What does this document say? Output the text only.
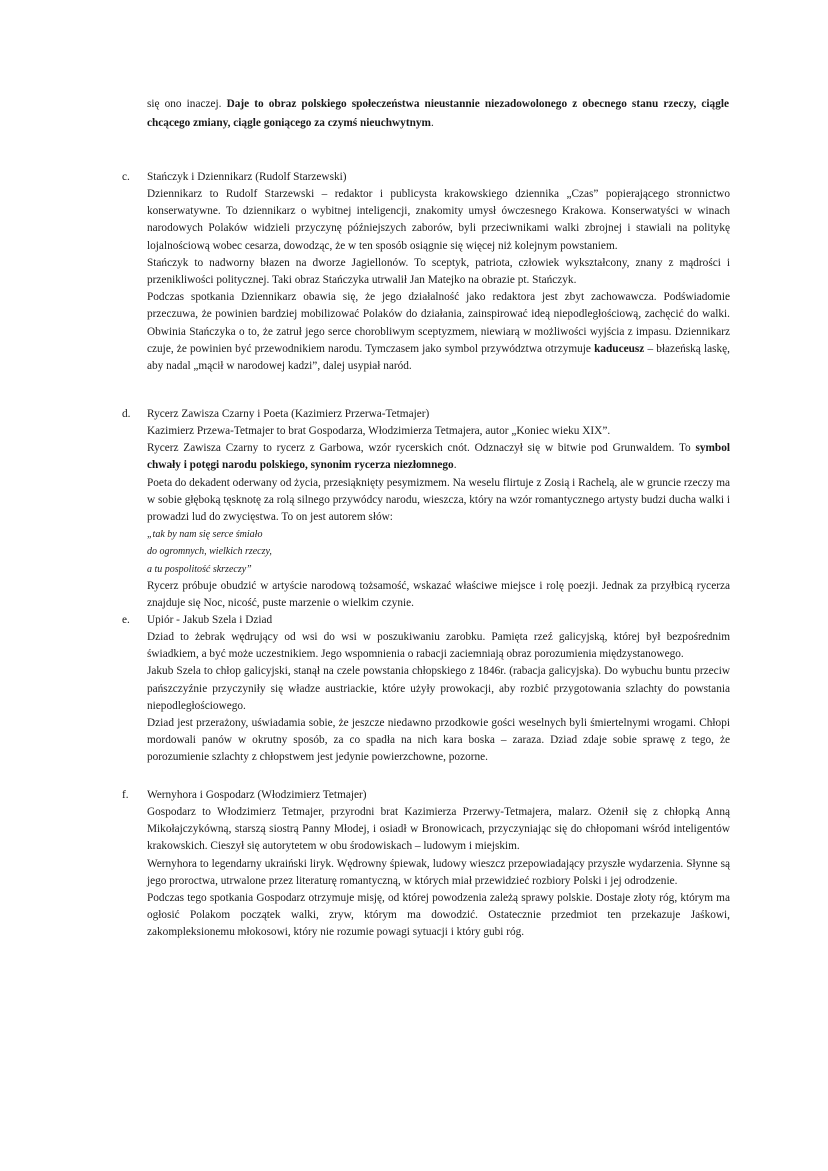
się ono inaczej. Daje to obraz polskiego społeczeństwa nieustannie niezadowolonego z obecnego stanu rzeczy, ciągle chcącego zmiany, ciągle goniącego za czymś nieuchwytnym.
c.	Stańczyk i Dziennikarz (Rudolf Starzewski)

Dziennikarz to Rudolf Starzewski – redaktor i publicysta krakowskiego dziennika „Czas” popierającego stronnictwo konserwatywne. To dziennikarz o wybitnej inteligencji, znakomity umysł ówczesnego Krakowa. Konserwatyści w winach narodowych Polaków widzieli przyczynę późniejszych zaborów, byli przeciwnikami walki zbrojnej i stawiali na politykę lojalnościową wobec cesarza, dowodząc, że w ten sposób osiągnie się więcej niż kolejnym powstaniem.

Stańczyk to nadworny błazen na dworze Jagiellonów. To sceptyk, patriota, człowiek wykształcony, znany z mądrości i przenikliwości politycznej. Taki obraz Stańczyka utrwalił Jan Matejko na obrazie pt. Stańczyk.

Podczas spotkania Dziennikarz obawia się, że jego działalność jako redaktora jest zbyt zachowawcza. Podświadomie przeczuwa, że powinien bardziej mobilizować Polaków do działania, zainspirować ideą niepodległościową, zachęcić do walki. Obwinia Stańczyka o to, że zatruł jego serce chorobliwym sceptyzmem, niewiarą w możliwości wyjścia z impasu. Dziennikarz czuje, że powinien być przewodnikiem narodu. Tymczasem jako symbol przywództwa otrzymuje kaduceusz – błazeńską laskę, aby nadal „mącił w narodowej kadzi”, dalej usypiał naród.

d.	Rycerz Zawisza Czarny i Poeta (Kazimierz Przerwa-Tetmajer)

Kazimierz Przewa-Tetmajer to brat Gospodarza, Włodzimierza Tetmajera, autor „Koniec wieku XIX”.

Rycerz Zawisza Czarny to rycerz z Garbowa, wzór rycerskich cnót. Odznaczył się w bitwie pod Grunwaldem. To symbol chwały i potęgi narodu polskiego, synonim rycerza niezłomnego.

Poeta do dekadent oderwany od życia, przesiąknięty pesymizmem. Na weselu flirtuje z Zosią i Rachelą, ale w gruncie rzeczy ma w sobie głęboką tęsknotę za rolą silnego przywódcy narodu, wieszcza, który na wzór romantycznego artysty budzi ducha walki i prowadzi lud do zwycięstwa. To on jest autorem słów:

„tak by nam się serce śmiało

do ogromnych, wielkich rzeczy,

a tu pospolitość skrzeczy”

Rycerz próbuje obudzić w artyście narodową tożsamość, wskazać właściwe miejsce i rolę poezji. Jednak za przyłbicą rycerza znajduje się Noc, nicość, puste marzenie o wielkim czynie.

e.	Upiór - Jakub Szela i Dziad

Dziad to żebrak wędrujący od wsi do wsi w poszukiwaniu zarobku. Pamięta rzeź galicyjską, której był bezpośrednim świadkiem, a być może uczestnikiem. Jego wspomnienia o rabacji zaciemniają obraz porozumienia międzystanowego.

Jakub Szela to chłop galicyjski, stanął na czele powstania chłopskiego z 1846r. (rabacja galicyjska). Do wybuchu buntu przeciw pańszczyźnie przyczyniły się władze austriackie, które użyły prowokacji, aby rozbić przygotowania szlachty do powstania niepodległościowego.

Dziad jest przerażony, uświadamia sobie, że jeszcze niedawno przodkowie gości weselnych byli śmiertelnymi wrogami. Chłopi mordowali panów w okrutny sposób, za co spadła na nich kara boska – zaraza. Dziad zdaje sobie sprawę z tego, że porozumienie szlachty z chłopstwem jest jedynie powierzchowne, pozorne.

f.	Wernyhora i Gospodarz (Włodzimierz Tetmajer)

Gospodarz to Włodzimierz Tetmajer, przyrodni brat Kazimierza Przerwy-Tetmajera, malarz. Ożenił się z chłopką Anną Mikołajczykówną, starszą siostrą Panny Młodej, i osiadł w Bronowicach, przyczyniając się do chłopomani wśród inteligentów krakowskich. Cieszył się autorytetem w obu środowiskach – ludowym i miejskim.

Wernyhora to legendarny ukraiński liryk. Wędrowny śpiewak, ludowy wieszcz przepowiadający przyszłe wydarzenia. Słynne są jego proroctwa, utrwalone przez literaturę romantyczną, w których miał przewidzieć rozbiory Polski i jej odrodzenie.

Podczas tego spotkania Gospodarz otrzymuje misję, od której powodzenia zależą sprawy polskie. Dostaje złoty róg, którym ma ogłosić Polakom początek walki, zryw, którym ma dowodzić. Ostatecznie przedmiot ten przekazuje Jaśkowi, zakompleksionemu młokosowi, który nie rozumie powagi sytuacji i który gubi róg.
